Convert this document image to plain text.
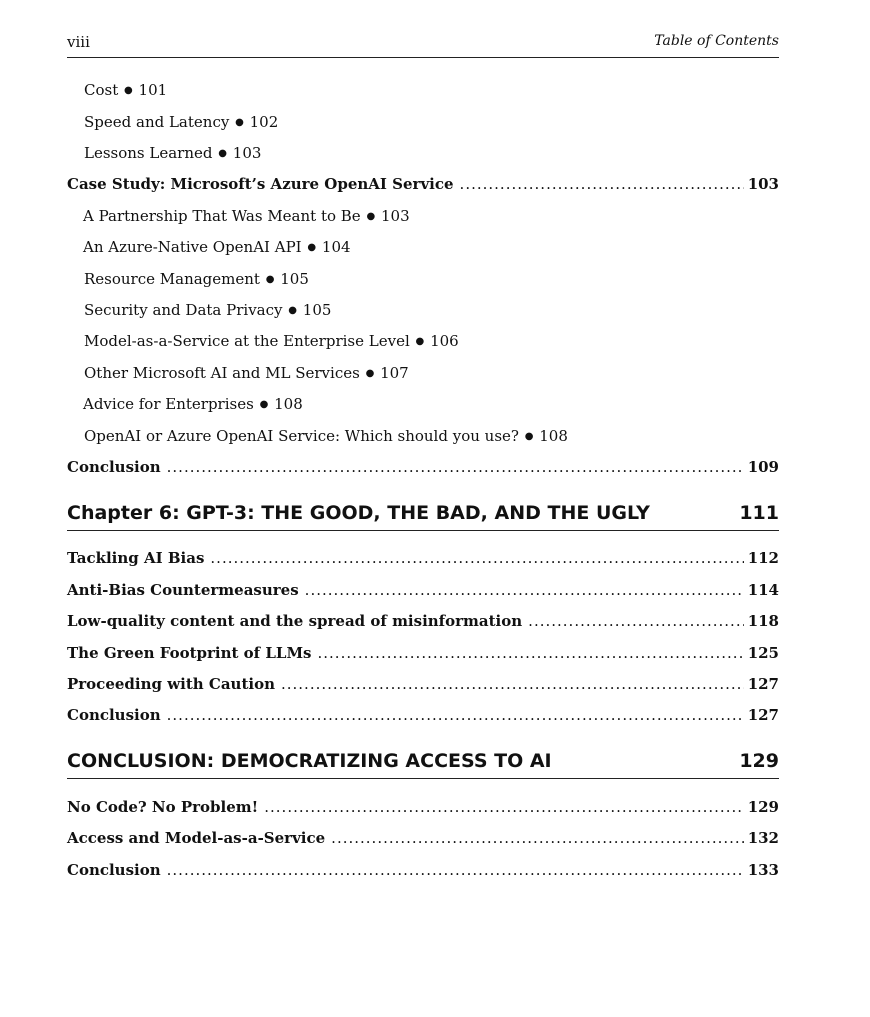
viii	Table of Contents
Cost ● 101
Speed and Latency ● 102
Lessons Learned ● 103
Case Study: Microsoft’s Azure OpenAI Service .....	103
A Partnership That Was Meant to Be ● 103
An Azure-Native OpenAI API ● 104
Resource Management ● 105
Security and Data Privacy ● 105
Model-as-a-Service at the Enterprise Level ● 106
Other Microsoft AI and ML Services ● 107
Advice for Enterprises ● 108
OpenAI or Azure OpenAI Service: Which should you use? ● 108
Conclusion .....	109
Chapter 6: GPT-3: THE GOOD, THE BAD, AND THE UGLY	111
Tackling AI Bias .....	112
Anti-Bias Countermeasures .....	114
Low-quality content and the spread of misinformation .....	118
The Green Footprint of LLMs .....	125
Proceeding with Caution .....	127
Conclusion .....	127
CONCLUSION: DEMOCRATIZING ACCESS TO AI	129
No Code? No Problem! .....	129
Access and Model-as-a-Service .....	132
Conclusion .....	133
